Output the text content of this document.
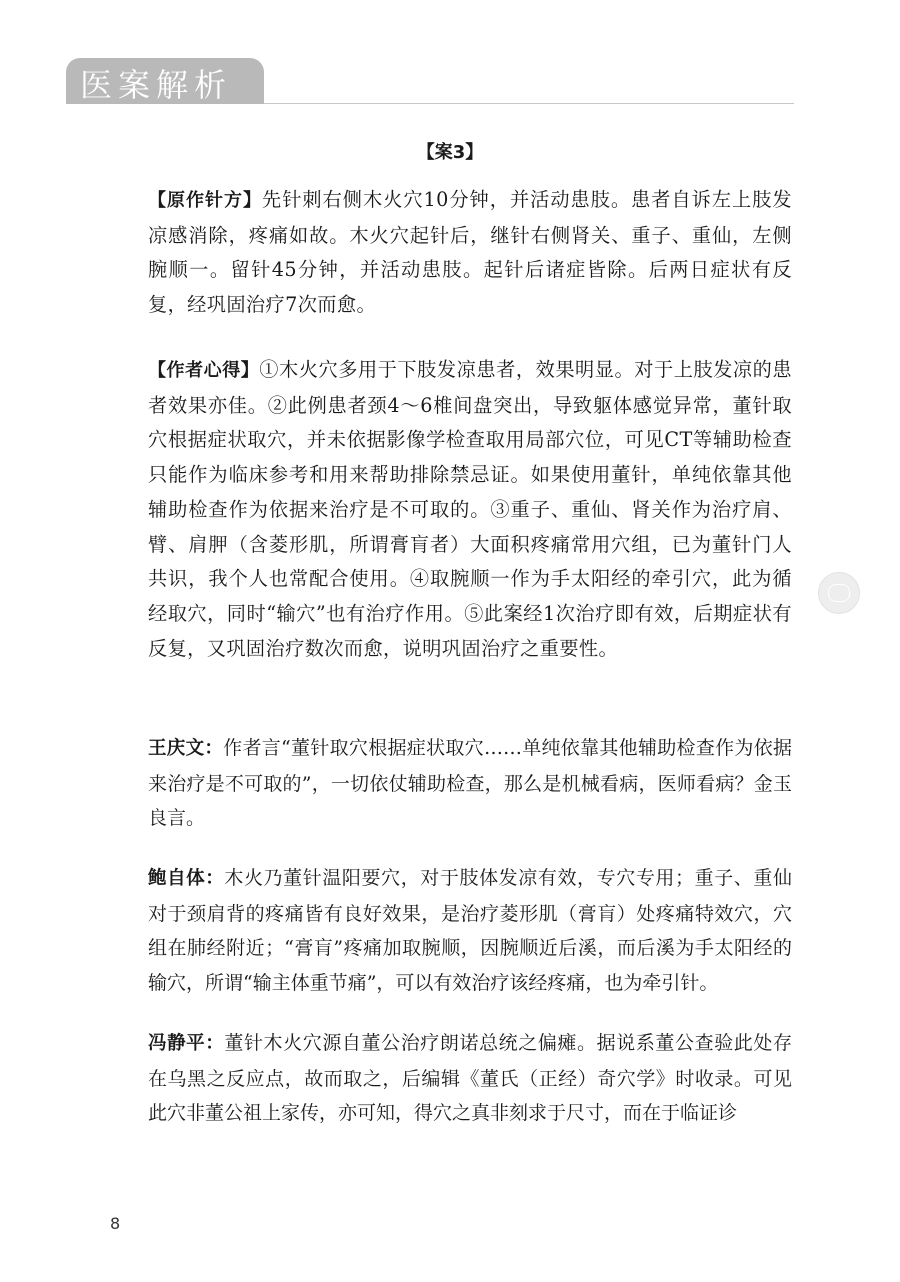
医案解析
【案3】

【原作针方】先针刺右侧木火穴10分钟，并活动患肢。患者自诉左上肢发凉感消除，疼痛如故。木火穴起针后，继针右侧肾关、重子、重仙，左侧腕顺一。留针45分钟，并活动患肢。起针后诸症皆除。后两日症状有反复，经巩固治疗7次而愈。

【作者心得】①木火穴多用于下肢发凉患者，效果明显。对于上肢发凉的患者效果亦佳。②此例患者颈4～6椎间盘突出，导致躯体感觉异常，董针取穴根据症状取穴，并未依据影像学检查取用局部穴位，可见CT等辅助检查只能作为临床参考和用来帮助排除禁忌证。如果使用董针，单纯依靠其他辅助检查作为依据来治疗是不可取的。③重子、重仙、肾关作为治疗肩、臂、肩胛（含菱形肌，所谓膏肓者）大面积疼痛常用穴组，已为董针门人共识，我个人也常配合使用。④取腕顺一作为手太阳经的牵引穴，此为循经取穴，同时“输穴”也有治疗作用。⑤此案经1次治疗即有效，后期症状有反复，又巩固治疗数次而愈，说明巩固治疗之重要性。

王庆文：作者言“董针取穴根据症状取穴……单纯依靠其他辅助检查作为依据来治疗是不可取的”，一切依仗辅助检查，那么是机械看病，医师看病？金玉良言。

鲍自体：木火乃董针温阳要穴，对于肢体发凉有效，专穴专用；重子、重仙对于颈肩背的疼痛皆有良好效果，是治疗菱形肌（膏肓）处疼痛特效穴，穴组在肺经附近；“膏肓”疼痛加取腕顺，因腕顺近后溪，而后溪为手太阳经的输穴，所谓“输主体重节痛”，可以有效治疗该经疼痛，也为牵引针。

冯静平：董针木火穴源自董公治疗朗诺总统之偏瘫。据说系董公查验此处存在乌黑之反应点，故而取之，后编辑《董氏（正经）奇穴学》时收录。可见此穴非董公祖上家传，亦可知，得穴之真非刻求于尺寸，而在于临证诊

8
